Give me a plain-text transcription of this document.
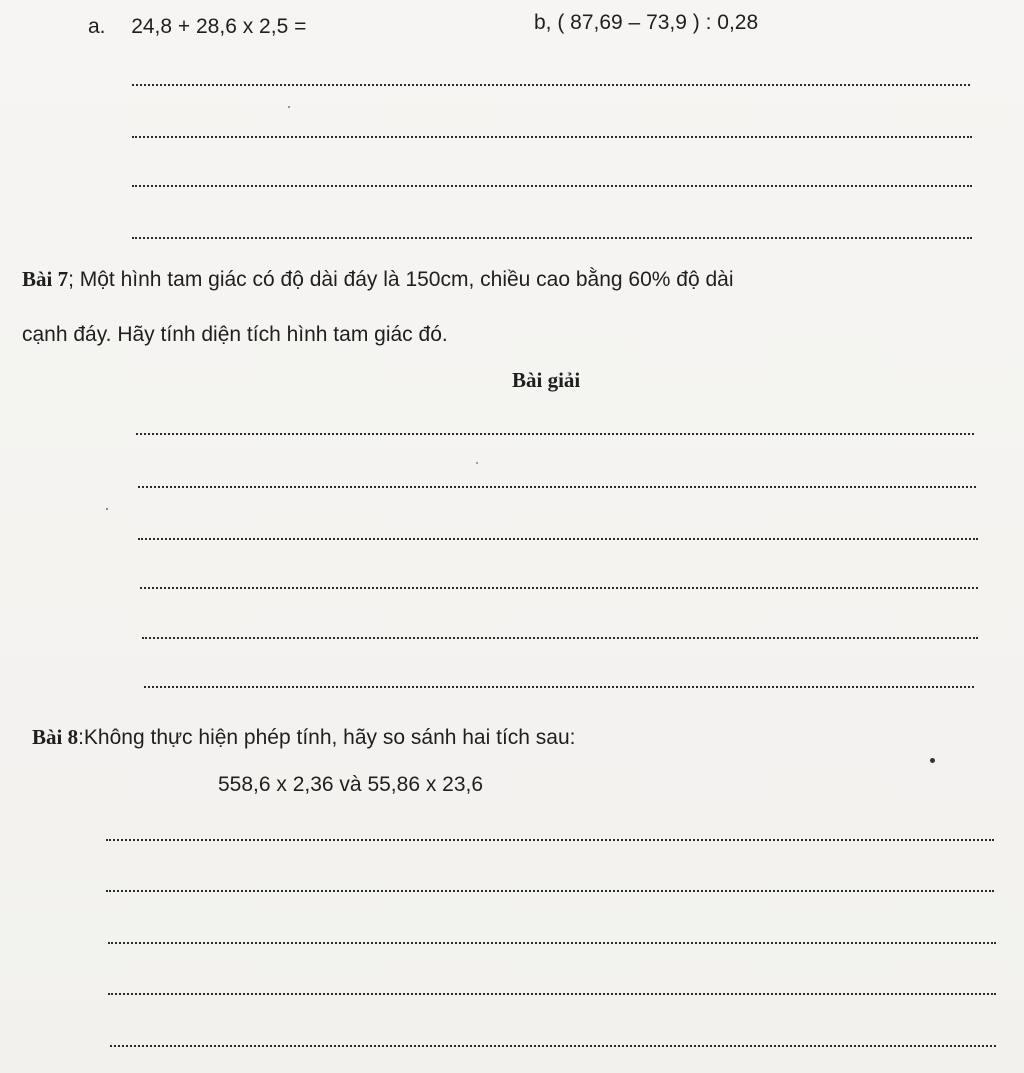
a. 24,8 + 28,6 x 2,5 =	b, ( 87,69 – 73,9 ) : 0,28
Bài 7; Một hình tam giác có độ dài đáy là 150cm, chiều cao bằng 60% độ dài
cạnh đáy. Hãy tính diện tích hình tam giác đó.
Bài giải
Bài 8:Không thực hiện phép tính, hãy so sánh hai tích sau:
558,6 x 2,36 và 55,86 x 23,6
